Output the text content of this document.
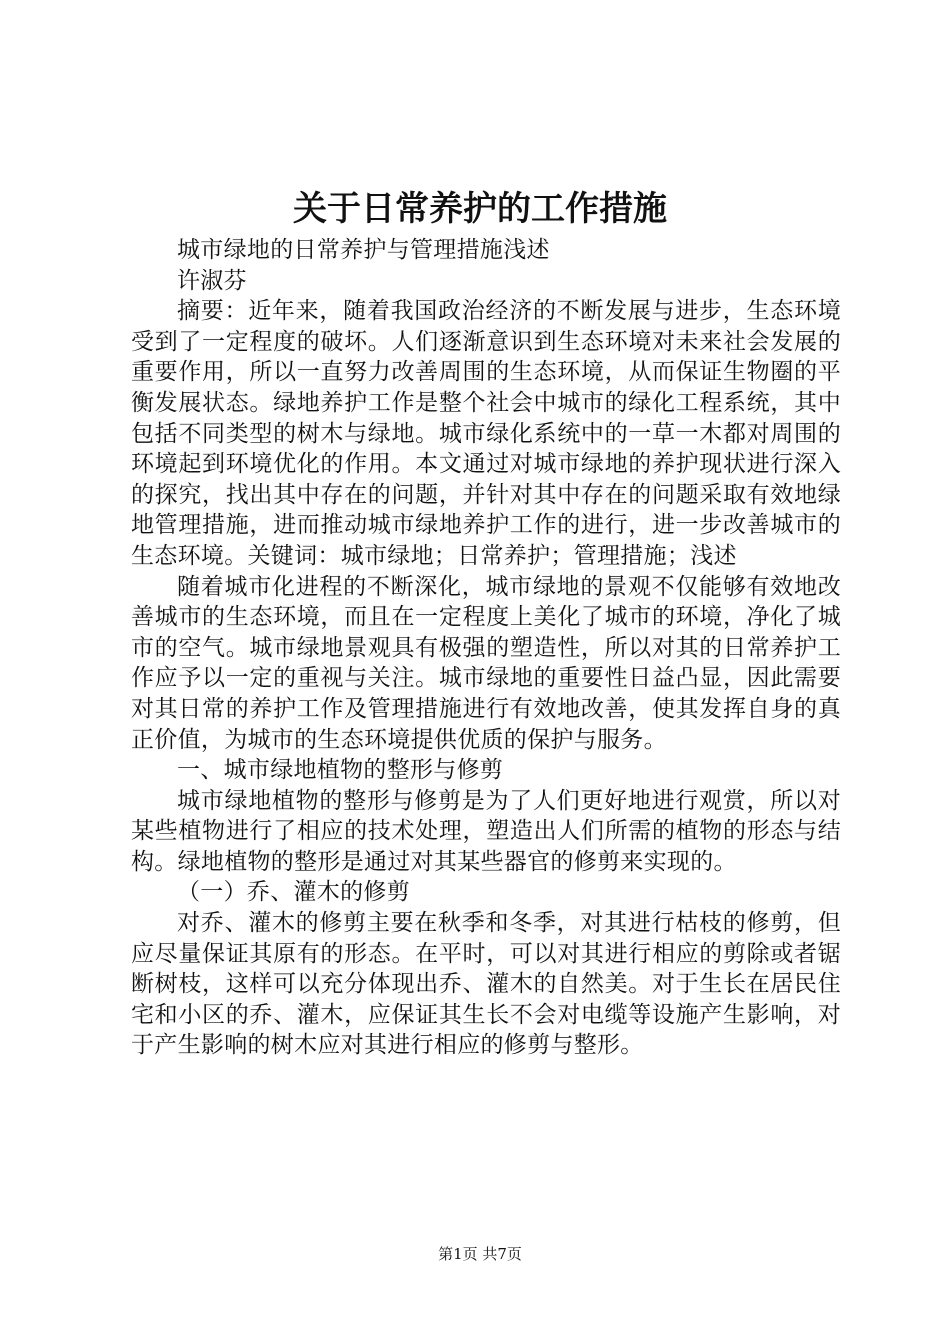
关于日常养护的工作措施

城市绿地的日常养护与管理措施浅述

许淑芬

摘要：近年来，随着我国政治经济的不断发展与进步，生态环境受到了一定程度的破坏。人们逐渐意识到生态环境对未来社会发展的重要作用，所以一直努力改善周围的生态环境，从而保证生物圈的平衡发展状态。绿地养护工作是整个社会中城市的绿化工程系统，其中包括不同类型的树木与绿地。城市绿化系统中的一草一木都对周围的环境起到环境优化的作用。本文通过对城市绿地的养护现状进行深入的探究，找出其中存在的问题，并针对其中存在的问题采取有效地绿地管理措施，进而推动城市绿地养护工作的进行，进一步改善城市的生态环境。关键词：城市绿地；日常养护；管理措施；浅述

随着城市化进程的不断深化，城市绿地的景观不仅能够有效地改善城市的生态环境，而且在一定程度上美化了城市的环境，净化了城市的空气。城市绿地景观具有极强的塑造性，所以对其的日常养护工作应予以一定的重视与关注。城市绿地的重要性日益凸显，因此需要对其日常的养护工作及管理措施进行有效地改善，使其发挥自身的真正价值，为城市的生态环境提供优质的保护与服务。

一、城市绿地植物的整形与修剪

城市绿地植物的整形与修剪是为了人们更好地进行观赏，所以对某些植物进行了相应的技术处理，塑造出人们所需的植物的形态与结构。绿地植物的整形是通过对其某些器官的修剪来实现的。

（一）乔、灌木的修剪

对乔、灌木的修剪主要在秋季和冬季，对其进行枯枝的修剪，但应尽量保证其原有的形态。在平时，可以对其进行相应的剪除或者锯断树枝，这样可以充分体现出乔、灌木的自然美。对于生长在居民住宅和小区的乔、灌木，应保证其生长不会对电缆等设施产生影响，对于产生影响的树木应对其进行相应的修剪与整形。

第1页 共7页
